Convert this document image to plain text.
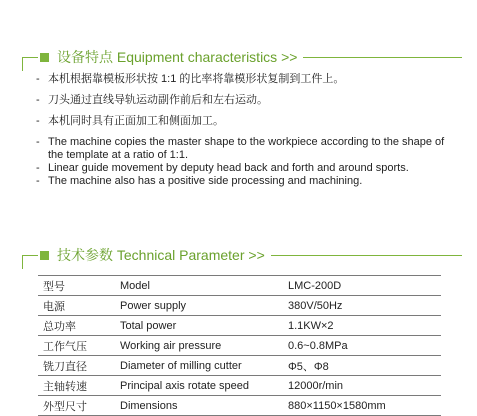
设备特点 Equipment characteristics >>
- 本机根据靠模板形状按 1:1 的比率将靠模形状复制到工件上。
- 刀头通过直线导轨运动副作前后和左右运动。
- 本机同时具有正面加工和侧面加工。
- The machine copies the master shape to the workpiece according to the shape of the template at a ratio of 1:1.
- Linear guide movement by deputy head back and forth and around sports.
- The machine also has a positive side processing and machining.
技术参数 Technical Parameter >>
型号	Model	LMC-200D
电源	Power supply	380V/50Hz
总功率	Total power	1.1KW×2
工作气压	Working air pressure	0.6~0.8MPa
铣刀直径	Diameter of milling cutter	Φ5、Φ8
主轴转速	Principal axis rotate speed	12000r/min
外型尺寸	Dimensions	880×1150×1580mm
